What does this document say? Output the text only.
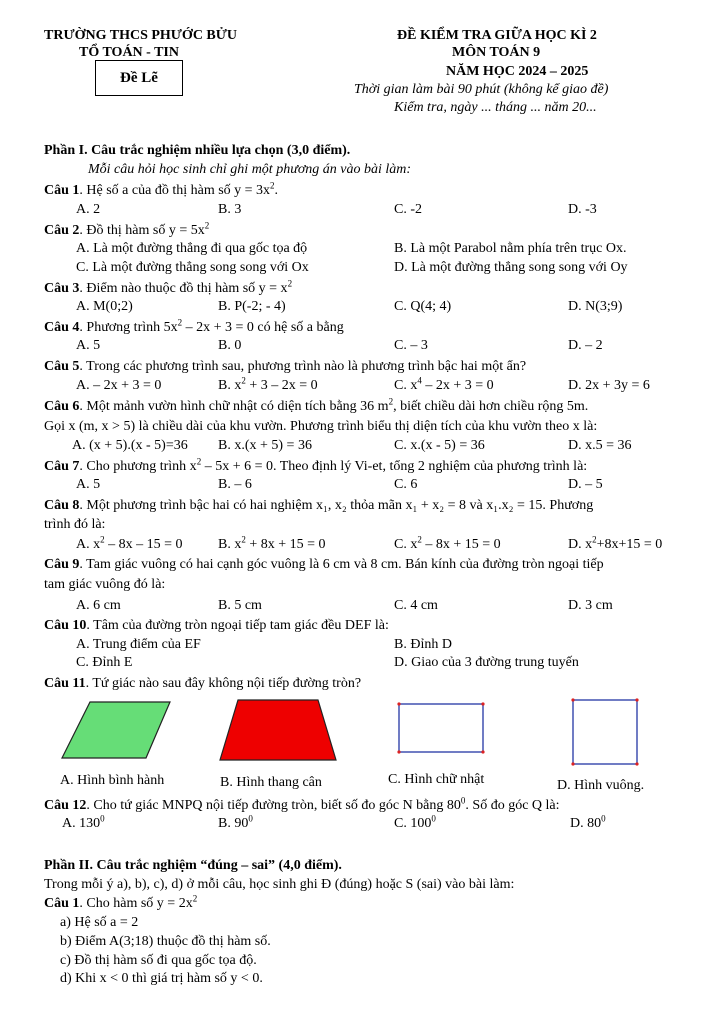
TRƯỜNG THCS PHƯỚC BỬU
TỔ TOÁN - TIN
Đề Lẽ
ĐỀ KIỂM TRA GIỮA HỌC KÌ 2
MÔN TOÁN 9
NĂM HỌC 2024 – 2025
Thời gian làm bài 90 phút (không kể giao đề)
Kiểm tra, ngày ... tháng ... năm 20...
Phần I. Câu trắc nghiệm nhiều lựa chọn (3,0 điểm).
Mỗi câu hỏi học sinh chỉ ghi một phương án vào bài làm:
Câu 1. Hệ số a của đồ thị hàm số $y = 3x^2$.
A. 2	B. 3	C. -2	D. -3
Câu 2. Đồ thị hàm số $y = 5x^2$
A. Là một đường thẳng đi qua gốc tọa độ	B. Là một Parabol nằm phía trên trục Ox.
C. Là một đường thẳng song song với Ox	D. Là một đường thẳng song song với Oy
Câu 3. Điểm nào thuộc đồ thị hàm số $y = x^2$
A. M(0;2)	B. P(-2; - 4)	C. Q(4; 4)	D. N(3;9)
Câu 4. Phương trình $5x^2 - 2x + 3 = 0$ có hệ số a bằng
A. 5	B. 0	C. – 3	D. – 2
Câu 5. Trong các phương trình sau, phương trình nào là phương trình bậc hai một ẩn?
A. – 2x + 3 = 0	B. $x^2 + 3 - 2x = 0$	C. $x^4 - 2x + 3 = 0$	D. 2x + 3y = 6
Câu 6. Một mảnh vườn hình chữ nhật có diện tích bằng 36 $m^2$, biết chiều dài hơn chiều rộng 5m.
Gọi x (m, x > 5) là chiều dài của khu vườn. Phương trình biểu thị diện tích của khu vườn theo x là:
A. (x + 5).(x - 5)=36 B. x.(x + 5) = 36	C. x.(x - 5) = 36	D. x.5 = 36
Câu 7. Cho phương trình $x^2 - 5x + 6 = 0$. Theo định lý Vi-et, tổng 2 nghiệm của phương trình là:
A. 5	B. – 6	C. 6	D. – 5
Câu 8. Một phương trình bậc hai có hai nghiệm x₁, x₂ thỏa mãn x₁ + x₂ = 8 và x₁.x₂ = 15. Phương
trình đó là:
A. $x^2 - 8x - 15 = 0$	B. $x^2 + 8x + 15 = 0$	C. $x^2 - 8x + 15 = 0$	D. $x^2+8x+15 = 0$
Câu 9. Tam giác vuông có hai cạnh góc vuông là 6 cm và 8 cm. Bán kính của đường tròn ngoại tiếp
tam giác vuông đó là:
A. 6 cm	B. 5 cm	C. 4 cm	D. 3 cm
Câu 10. Tâm của đường tròn ngoại tiếp tam giác đều DEF là:
A. Trung điểm của EF	B. Đỉnh D
C. Đỉnh E	D. Giao của 3 đường trung tuyến
Câu 11. Tứ giác nào sau đây không nội tiếp đường tròn?
A. Hình bình hành	B. Hình thang cân	C. Hình chữ nhật	D. Hình vuông.
Câu 12. Cho tứ giác MNPQ nội tiếp đường tròn, biết số đo góc N bằng $80^0$. Số đo góc Q là:
A. $130^0$	B. $90^0$	C. $100^0$	D. $80^0$
Phần II. Câu trắc nghiệm “đúng – sai” (4,0 điểm).
Trong mỗi ý a), b), c), d) ở mỗi câu, học sinh ghi Đ (đúng) hoặc S (sai) vào bài làm:
Câu 1. Cho hàm số $y = 2x^2$
a) Hệ số a = 2
b) Điểm A(3;18) thuộc đồ thị hàm số.
c) Đồ thị hàm số đi qua gốc tọa độ.
d) Khi x < 0 thì giá trị hàm số y < 0.
